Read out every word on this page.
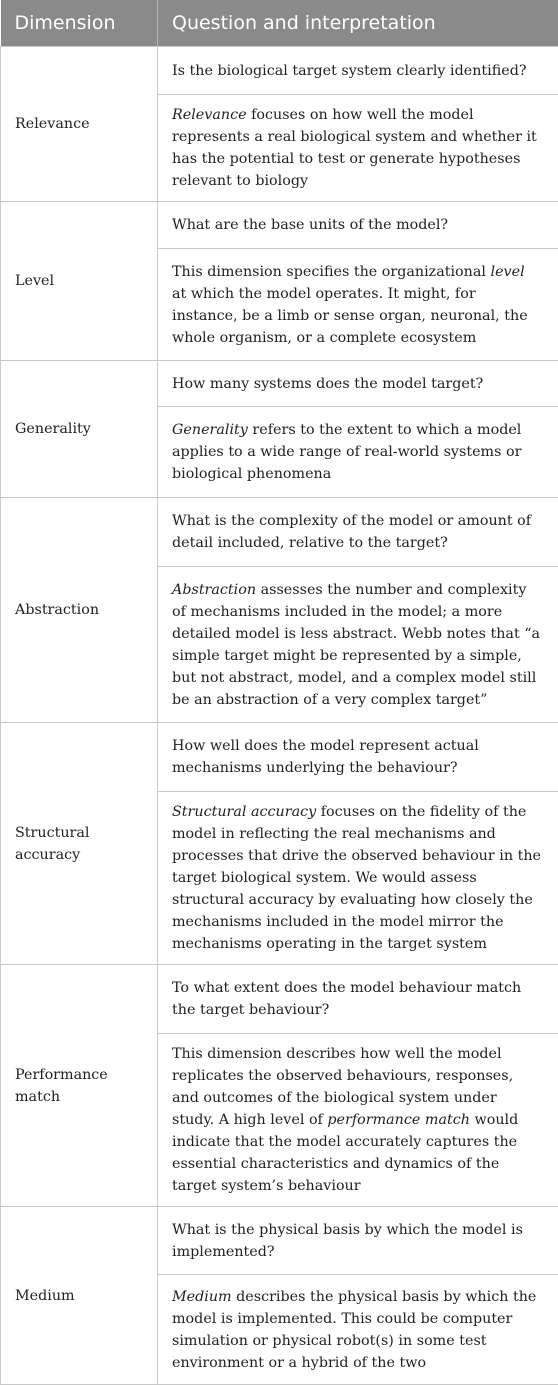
Dimension	Question and interpretation
Relevance	Is the biological target system clearly identified?
	Relevance focuses on how well the model represents a real biological system and whether it has the potential to test or generate hypotheses relevant to biology
Level	What are the base units of the model?
	This dimension specifies the organizational level at which the model operates. It might, for instance, be a limb or sense organ, neuronal, the whole organism, or a complete ecosystem
Generality	How many systems does the model target?
	Generality refers to the extent to which a model applies to a wide range of real-world systems or biological phenomena
Abstraction	What is the complexity of the model or amount of detail included, relative to the target?
	Abstraction assesses the number and complexity of mechanisms included in the model; a more detailed model is less abstract. Webb notes that “a simple target might be represented by a simple, but not abstract, model, and a complex model still be an abstraction of a very complex target”
Structural accuracy	How well does the model represent actual mechanisms underlying the behaviour?
	Structural accuracy focuses on the fidelity of the model in reflecting the real mechanisms and processes that drive the observed behaviour in the target biological system. We would assess structural accuracy by evaluating how closely the mechanisms included in the model mirror the mechanisms operating in the target system
Performance match	To what extent does the model behaviour match the target behaviour?
	This dimension describes how well the model replicates the observed behaviours, responses, and outcomes of the biological system under study. A high level of performance match would indicate that the model accurately captures the essential characteristics and dynamics of the target system’s behaviour
Medium	What is the physical basis by which the model is implemented?
	Medium describes the physical basis by which the model is implemented. This could be computer simulation or physical robot(s) in some test environment or a hybrid of the two
